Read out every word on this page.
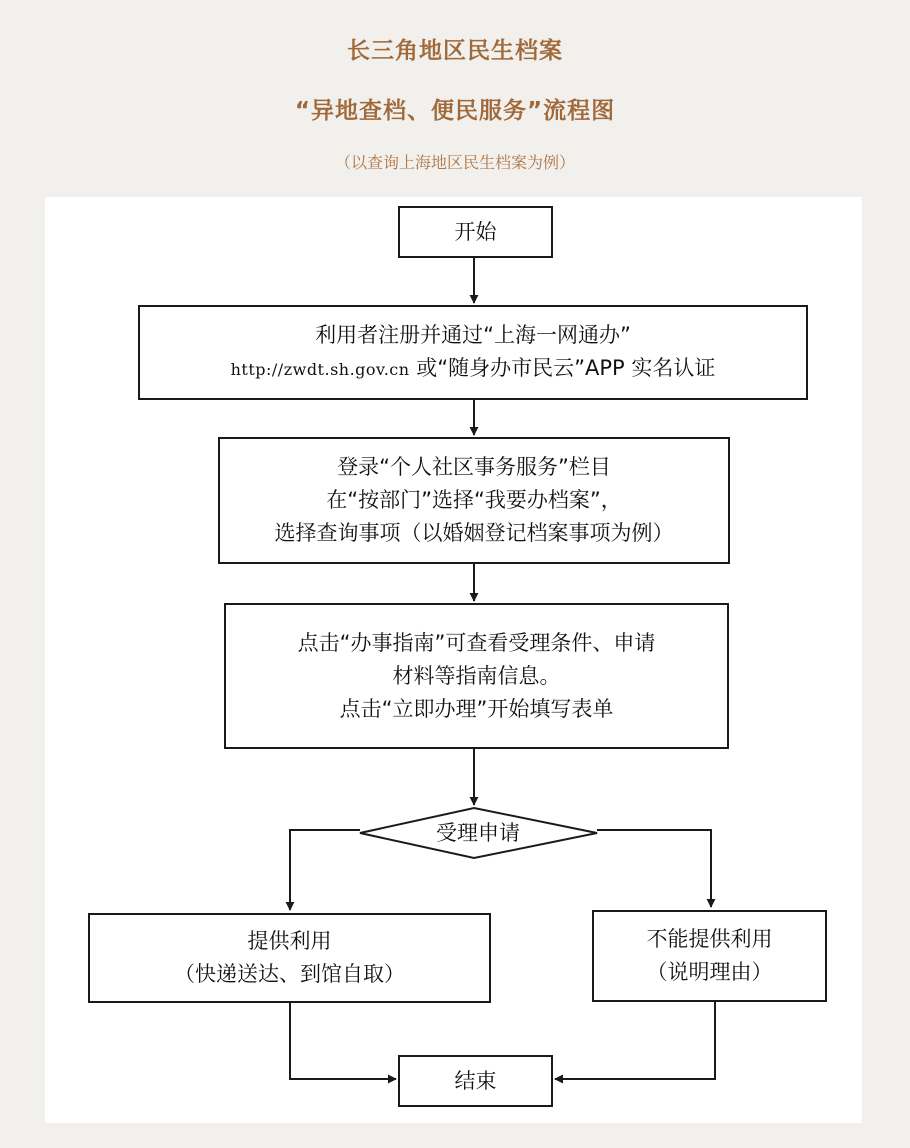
长三角地区民生档案
“异地查档、便民服务”流程图
（以查询上海地区民生档案为例）
开始
利用者注册并通过“上海一网通办”
http://zwdt.sh.gov.cn 或“随身办市民云”APP 实名认证
登录“个人社区事务服务”栏目
在“按部门”选择“我要办档案”，
选择查询事项（以婚姻登记档案事项为例）
点击“办事指南”可查看受理条件、申请
材料等指南信息。
点击“立即办理”开始填写表单
受理申请
提供利用
（快递送达、到馆自取）
不能提供利用
（说明理由）
结束
